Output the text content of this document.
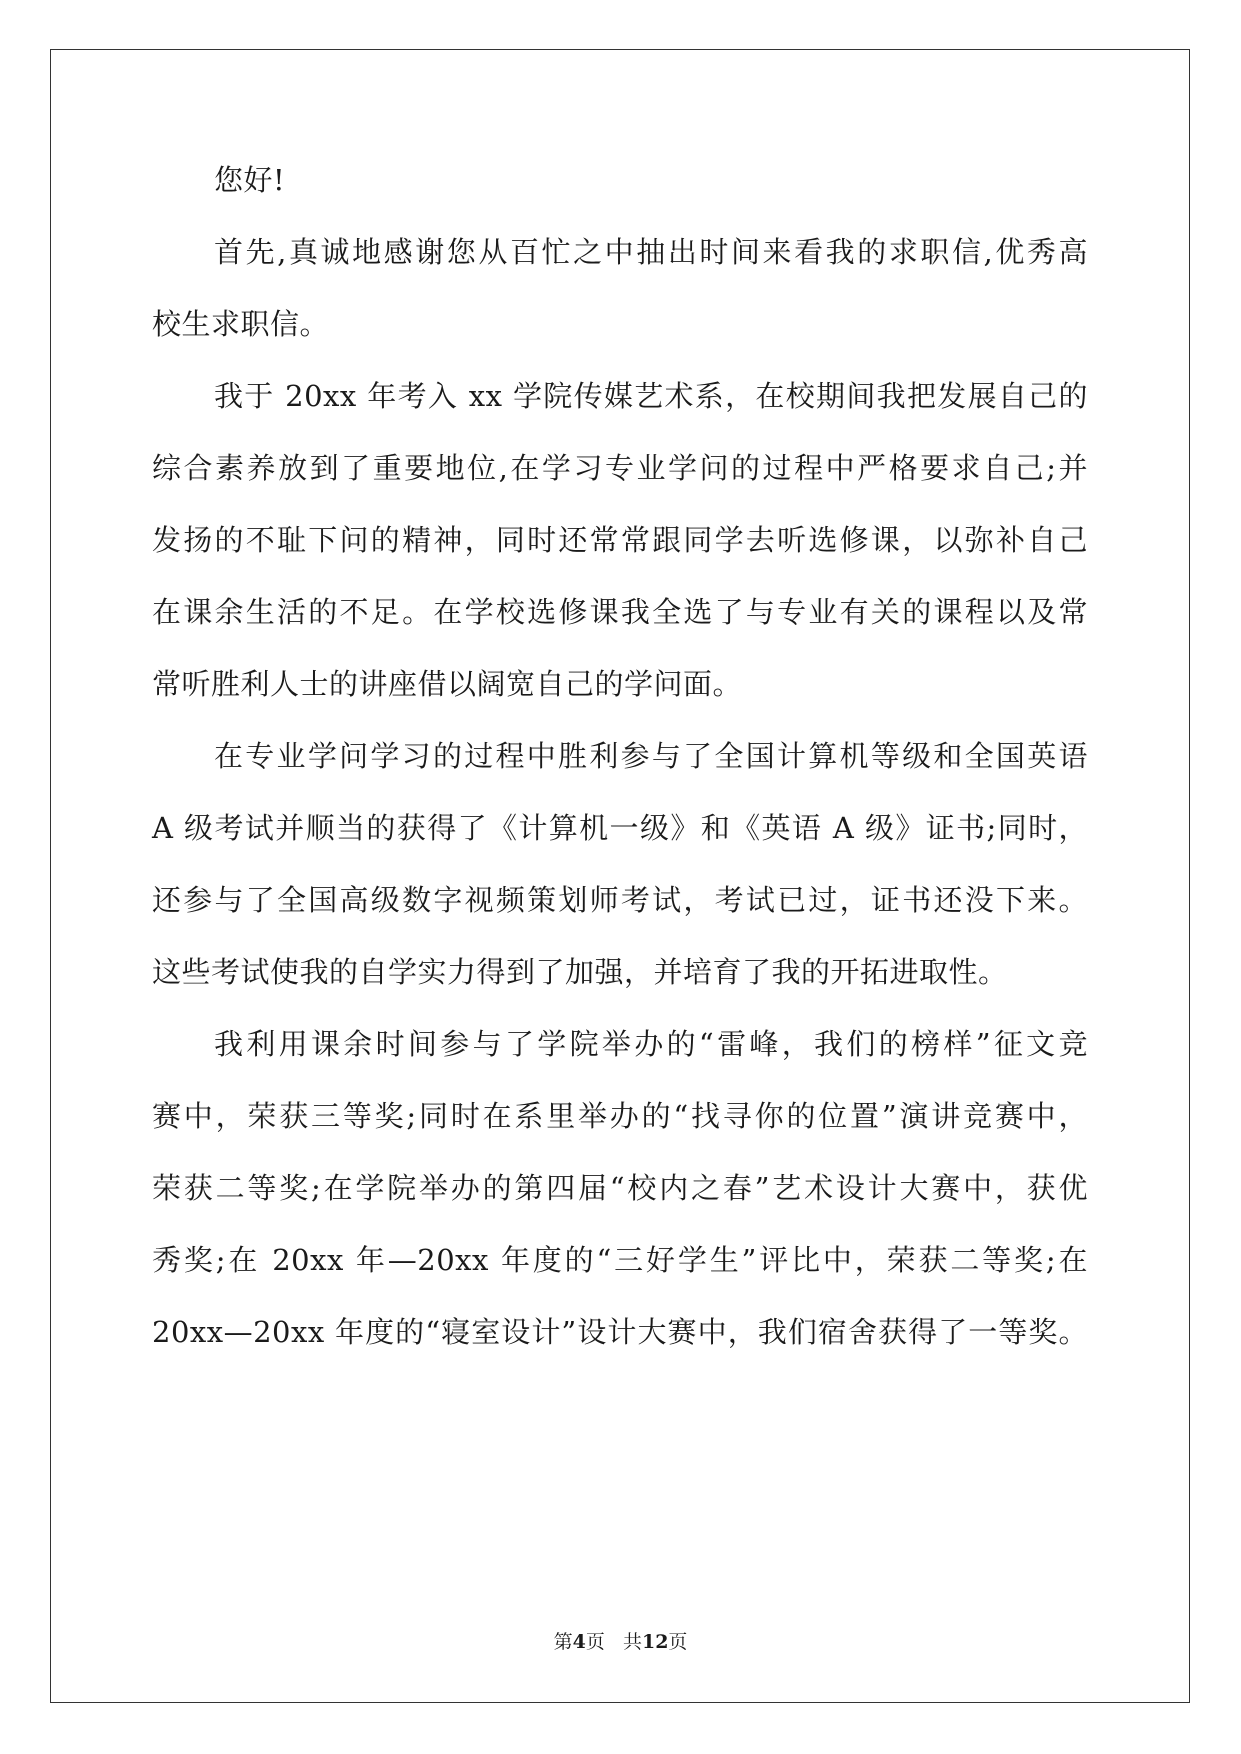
您好!
首先,真诚地感谢您从百忙之中抽出时间来看我的求职信,优秀高
校生求职信。
我于 20xx 年考入 xx 学院传媒艺术系，在校期间我把发展自己的
综合素养放到了重要地位,在学习专业学问的过程中严格要求自己;并
发扬的不耻下问的精神，同时还常常跟同学去听选修课，以弥补自己
在课余生活的不足。在学校选修课我全选了与专业有关的课程以及常
常听胜利人士的讲座借以阔宽自己的学问面。
在专业学问学习的过程中胜利参与了全国计算机等级和全国英语
A 级考试并顺当的获得了《计算机一级》和《英语 A 级》证书;同时，
还参与了全国高级数字视频策划师考试，考试已过，证书还没下来。
这些考试使我的自学实力得到了加强，并培育了我的开拓进取性。
我利用课余时间参与了学院举办的“雷峰，我们的榜样”征文竞
赛中，荣获三等奖;同时在系里举办的“找寻你的位置”演讲竞赛中，
荣获二等奖;在学院举办的第四届“校内之春”艺术设计大赛中，获优
秀奖;在 20xx 年—20xx 年度的“三好学生”评比中，荣获二等奖;在
20xx—20xx 年度的“寝室设计”设计大赛中，我们宿舍获得了一等奖。
第4页 共12页
